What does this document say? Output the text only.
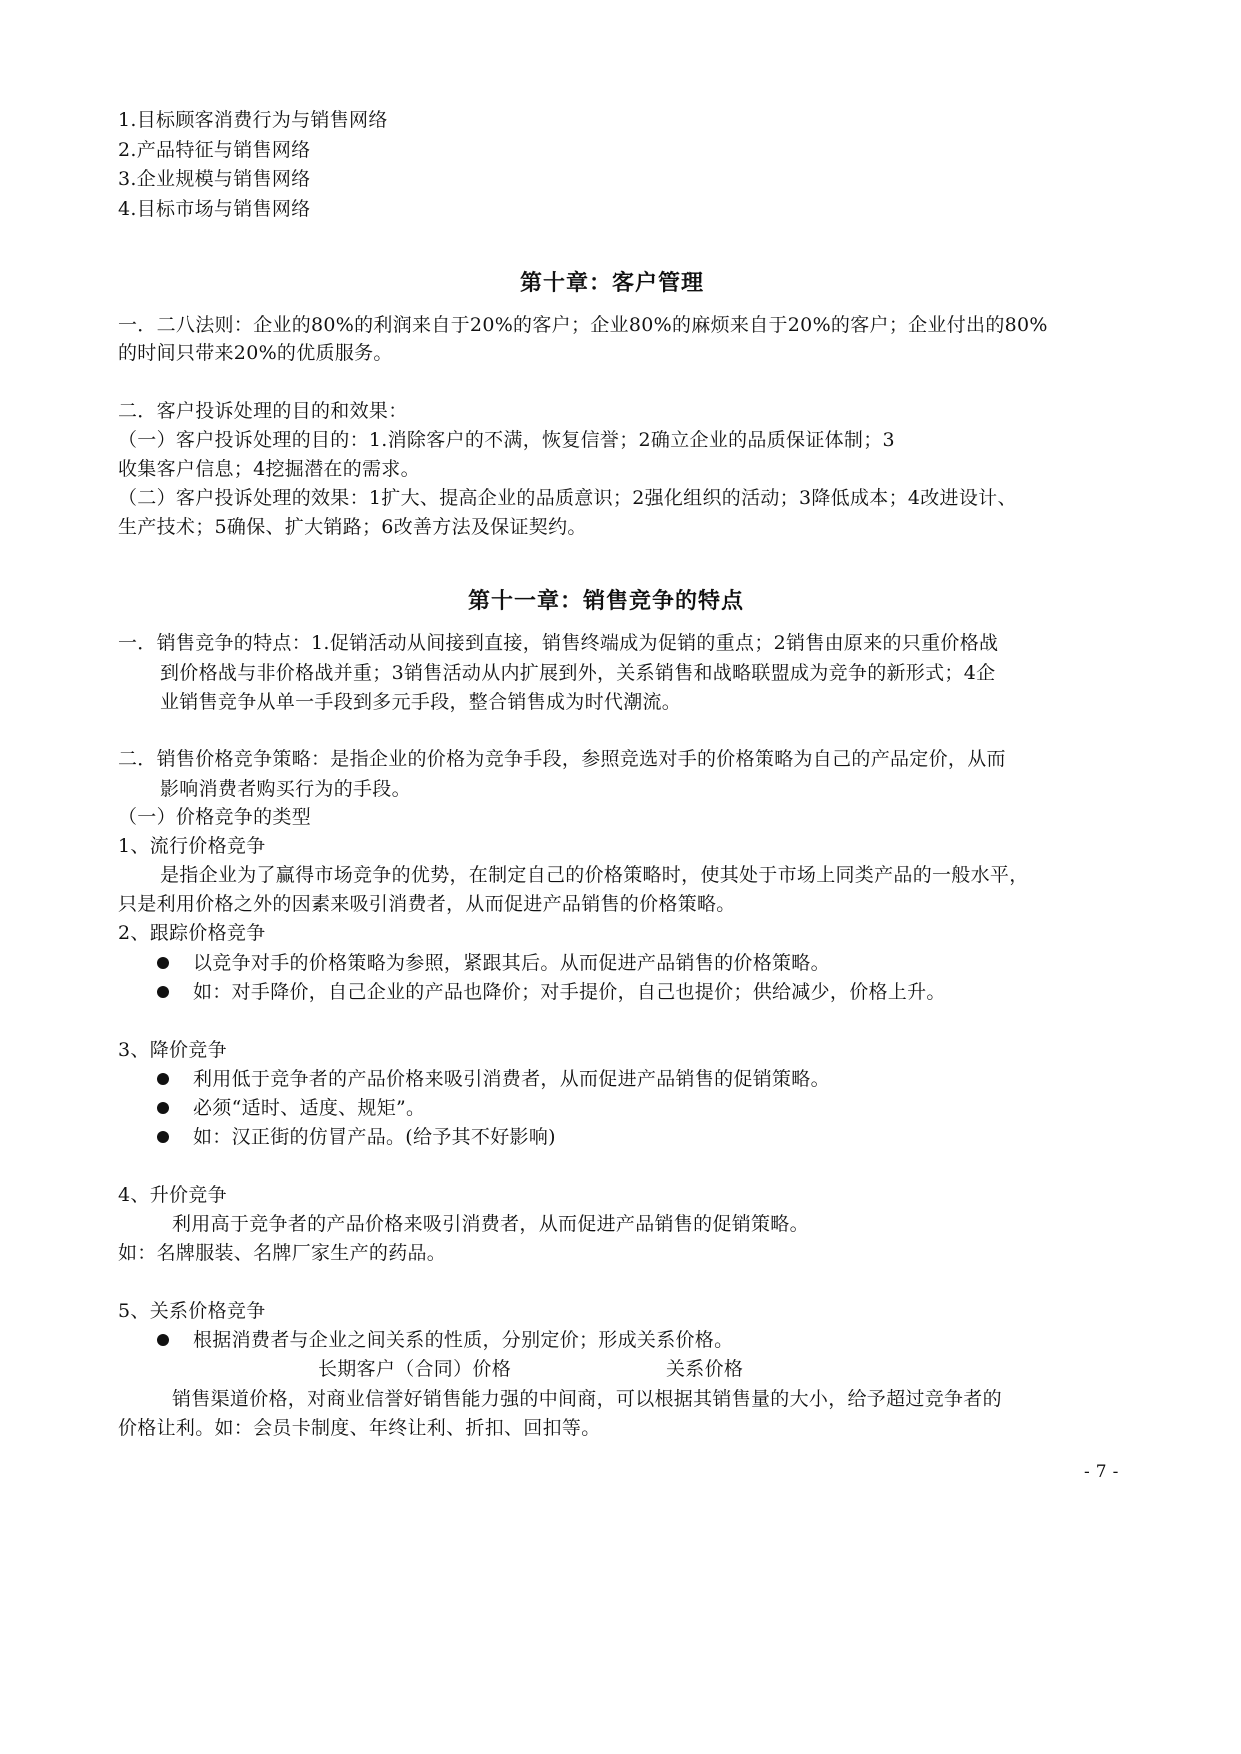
1.目标顾客消费行为与销售网络
2.产品特征与销售网络
3.企业规模与销售网络
4.目标市场与销售网络
第十章：客户管理
一．二八法则：企业的80%的利润来自于20%的客户；企业80%的麻烦来自于20%的客户；企业付出的80%
的时间只带来20%的优质服务。
二．客户投诉处理的目的和效果：
（一）客户投诉处理的目的：1.消除客户的不满，恢复信誉；2确立企业的品质保证体制；3
收集客户信息；4挖掘潜在的需求。
（二）客户投诉处理的效果：1扩大、提高企业的品质意识；2强化组织的活动；3降低成本；4改进设计、
生产技术；5确保、扩大销路；6改善方法及保证契约。
第十一章：销售竞争的特点
一．销售竞争的特点：1.促销活动从间接到直接，销售终端成为促销的重点；2销售由原来的只重价格战
到价格战与非价格战并重；3销售活动从内扩展到外，关系销售和战略联盟成为竞争的新形式；4企
业销售竞争从单一手段到多元手段，整合销售成为时代潮流。
二．销售价格竞争策略：是指企业的价格为竞争手段，参照竞选对手的价格策略为自己的产品定价，从而
影响消费者购买行为的手段。
（一）价格竞争的类型
1、流行价格竞争
是指企业为了赢得市场竞争的优势，在制定自己的价格策略时，使其处于市场上同类产品的一般水平，
只是利用价格之外的因素来吸引消费者，从而促进产品销售的价格策略。
2、跟踪价格竞争
以竞争对手的价格策略为参照，紧跟其后。从而促进产品销售的价格策略。
如：对手降价，自己企业的产品也降价；对手提价，自己也提价；供给减少，价格上升。
3、降价竞争
利用低于竞争者的产品价格来吸引消费者，从而促进产品销售的促销策略。
必须“适时、适度、规矩”。
如：汉正街的仿冒产品。(给予其不好影响)
4、升价竞争
利用高于竞争者的产品价格来吸引消费者，从而促进产品销售的促销策略。
如：名牌服装、名牌厂家生产的药品。
5、关系价格竞争
根据消费者与企业之间关系的性质，分别定价；形成关系价格。
长期客户（合同）价格	关系价格
销售渠道价格，对商业信誉好销售能力强的中间商，可以根据其销售量的大小，给予超过竞争者的
价格让利。如：会员卡制度、年终让利、折扣、回扣等。
- 7 -
